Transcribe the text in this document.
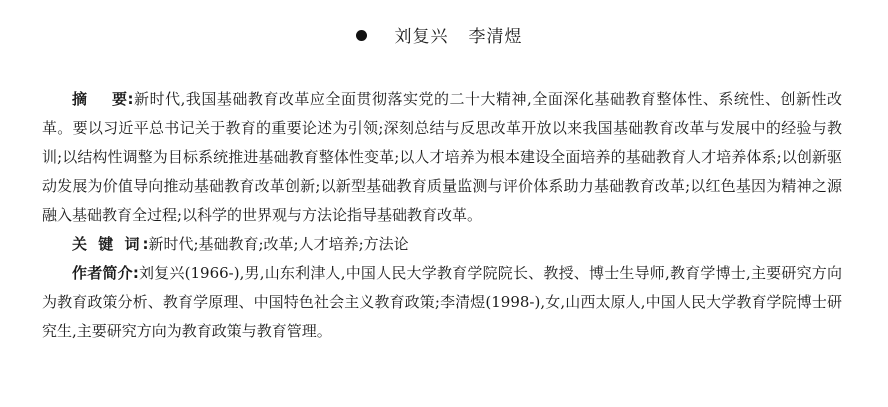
刘复兴 李清煜

摘 要:新时代,我国基础教育改革应全面贯彻落实党的二十大精神,全面深化基础教育整体性、系统性、创新性改革。要以习近平总书记关于教育的重要论述为引领;深刻总结与反思改革开放以来我国基础教育改革与发展中的经验与教训;以结构性调整为目标系统推进基础教育整体性变革;以人才培养为根本建设全面培养的基础教育人才培养体系;以创新驱动发展为价值导向推动基础教育改革创新;以新型基础教育质量监测与评价体系助力基础教育改革;以红色基因为精神之源融入基础教育全过程;以科学的世界观与方法论指导基础教育改革。

关 键 词:新时代;基础教育;改革;人才培养;方法论

作者简介:刘复兴(1966-),男,山东利津人,中国人民大学教育学院院长、教授、博士生导师,教育学博士,主要研究方向为教育政策分析、教育学原理、中国特色社会主义教育政策;李清煜(1998-),女,山西太原人,中国人民大学教育学院博士研究生,主要研究方向为教育政策与教育管理。
